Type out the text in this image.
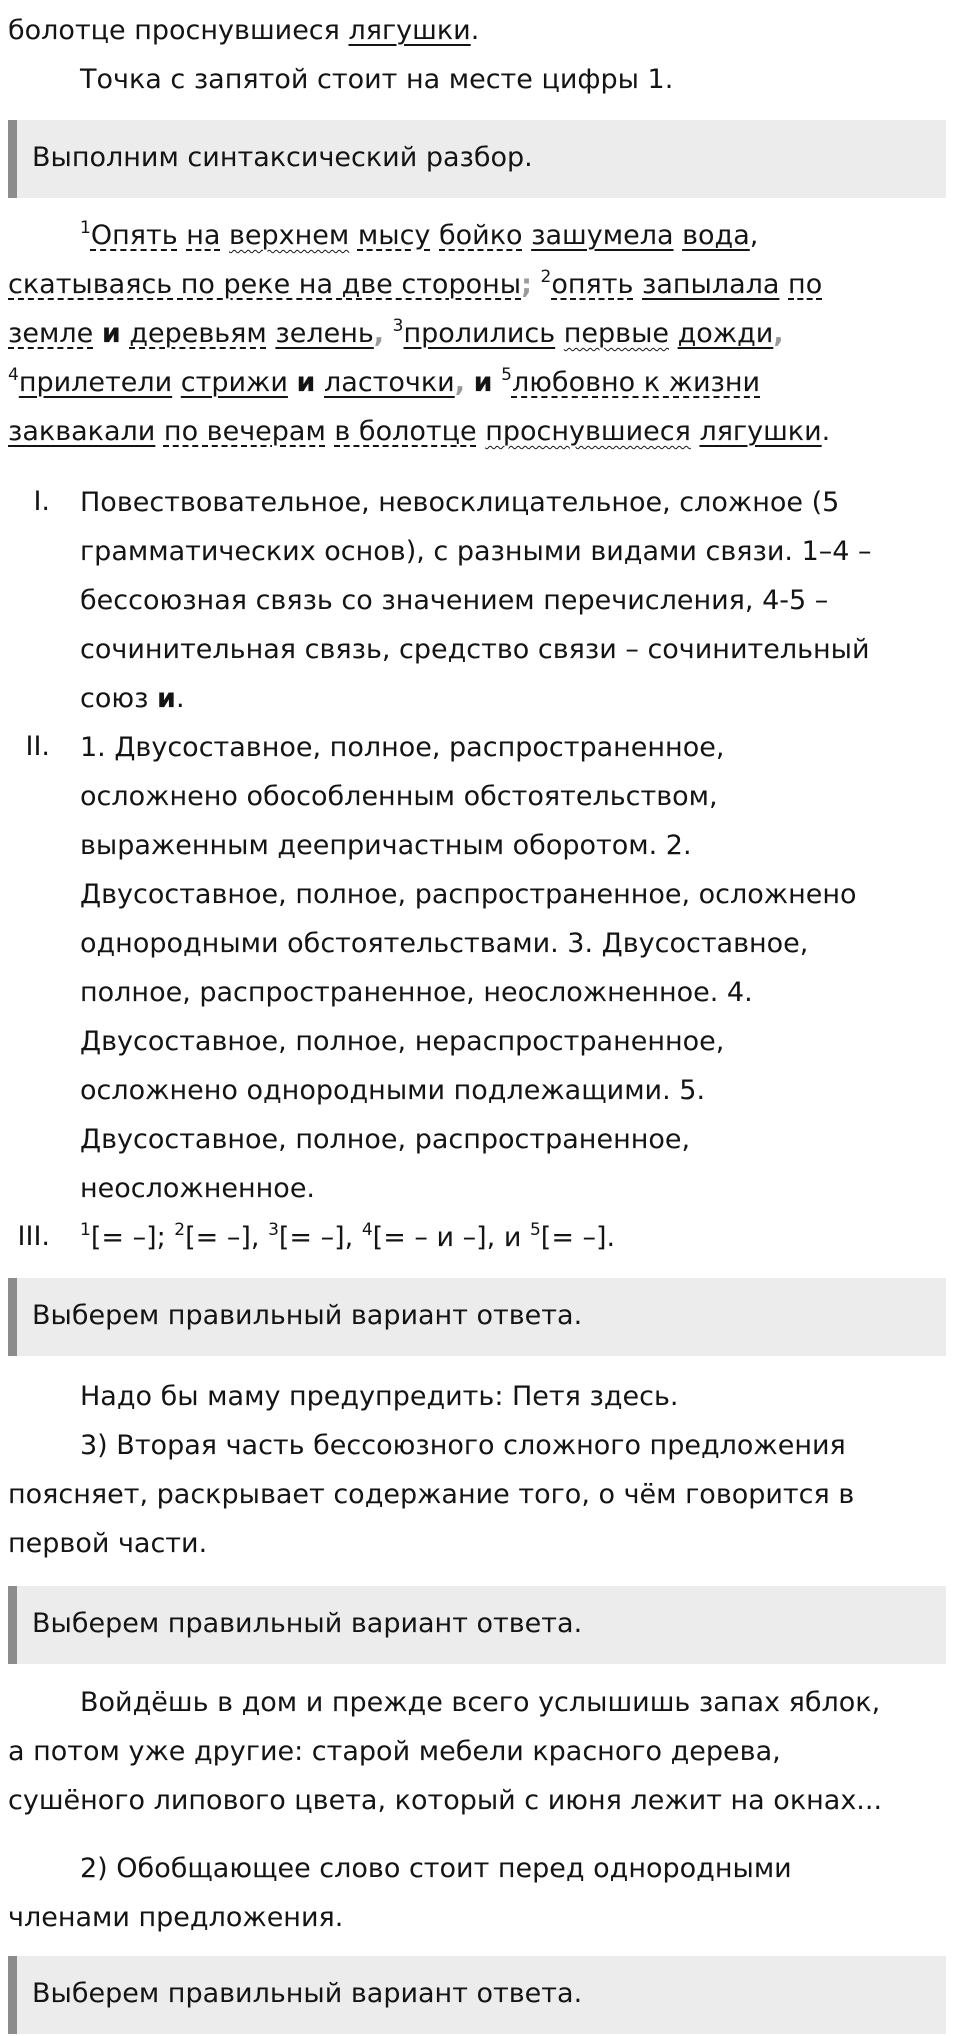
болотце проснувшиеся лягушки.
Точка с запятой стоит на месте цифры 1.
Выполним синтаксический разбор.
$^1$Опять на верхнем мысу бойко зашумела вода,
скатываясь по реке на две стороны; $^2$опять запылала по
земле и деревьям зелень, $^3$пролились первые дожди,
$^4$прилетели стрижи и ласточки, и $^5$любовно к жизни
заквакали по вечерам в болотце проснувшиеся лягушки.
I. Повествовательное, невосклицательное, сложное (5
грамматических основ), с разными видами связи. 1–4 –
бессоюзная связь со значением перечисления, 4-5 –
сочинительная связь, средство связи – сочинительный
союз и.
II. 1. Двусоставное, полное, распространенное,
осложнено обособленным обстоятельством,
выраженным деепричастным оборотом. 2.
Двусоставное, полное, распространенное, осложнено
однородными обстоятельствами. 3. Двусоставное,
полное, распространенное, неосложненное. 4.
Двусоставное, полное, нераспространенное,
осложнено однородными подлежащими. 5.
Двусоставное, полное, распространенное,
неосложненное.
III. $^1$[= –]; $^2$[= –], $^3$[= –], $^4$[= – и –], и $^5$[= –].
Выберем правильный вариант ответа.
Надо бы маму предупредить: Петя здесь.
3) Вторая часть бессоюзного сложного предложения
поясняет, раскрывает содержание того, о чём говорится в
первой части.
Выберем правильный вариант ответа.
Войдёшь в дом и прежде всего услышишь запах яблок,
а потом уже другие: старой мебели красного дерева,
сушёного липового цвета, который с июня лежит на окнах...
2) Обобщающее слово стоит перед однородными
членами предложения.
Выберем правильный вариант ответа.
